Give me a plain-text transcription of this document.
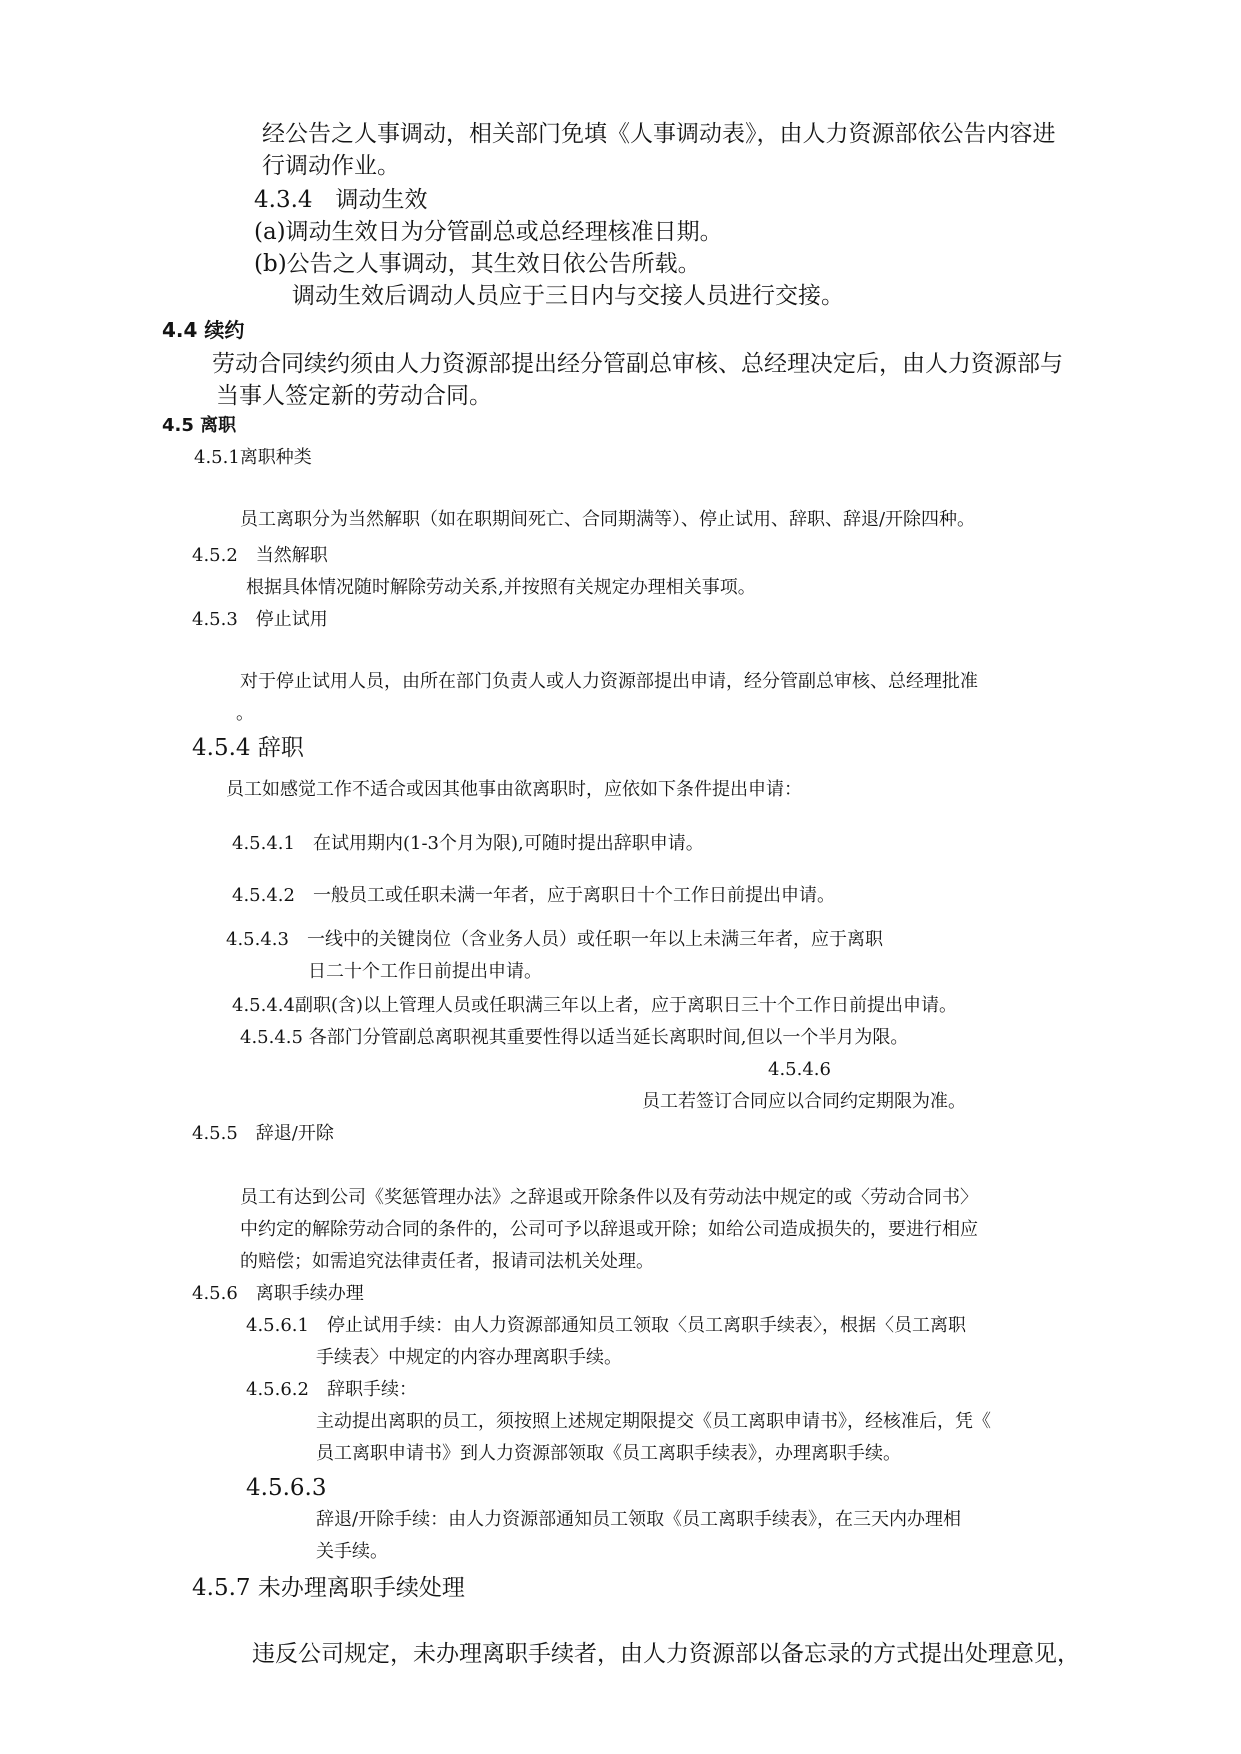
经公告之人事调动，相关部门免填《人事调动表》，由人力资源部依公告内容进

行调动作业。

4.3.4　调动生效

(a)调动生效日为分管副总或总经理核准日期。

(b)公告之人事调动，其生效日依公告所载。

调动生效后调动人员应于三日内与交接人员进行交接。

4.4 续约

劳动合同续约须由人力资源部提出经分管副总审核、总经理决定后，由人力资源部与

当事人签定新的劳动合同。

4.5 离职

4.5.1离职种类

员工离职分为当然解职（如在职期间死亡、合同期满等）、停止试用、辞职、辞退/开除四种。

4.5.2　当然解职

根据具体情况随时解除劳动关系,并按照有关规定办理相关事项。

4.5.3　停止试用

对于停止试用人员，由所在部门负责人或人力资源部提出申请，经分管副总审核、总经理批准

。

4.5.4 辞职

员工如感觉工作不适合或因其他事由欲离职时，应依如下条件提出申请：

4.5.4.1　在试用期内(1-3个月为限),可随时提出辞职申请。

4.5.4.2　一般员工或任职未满一年者，应于离职日十个工作日前提出申请。

4.5.4.3　一线中的关键岗位（含业务人员）或任职一年以上未满三年者，应于离职

日二十个工作日前提出申请。

4.5.4.4副职(含)以上管理人员或任职满三年以上者，应于离职日三十个工作日前提出申请。

4.5.4.5 各部门分管副总离职视其重要性得以适当延长离职时间,但以一个半月为限。

4.5.4.6

员工若签订合同应以合同约定期限为准。

4.5.5　辞退/开除

员工有达到公司《奖惩管理办法》之辞退或开除条件以及有劳动法中规定的或〈劳动合同书〉

中约定的解除劳动合同的条件的，公司可予以辞退或开除；如给公司造成损失的，要进行相应

的赔偿；如需追究法律责任者，报请司法机关处理。

4.5.6　离职手续办理

4.5.6.1　停止试用手续：由人力资源部通知员工领取〈员工离职手续表〉，根据〈员工离职

手续表〉中规定的内容办理离职手续。

4.5.6.2　辞职手续：

主动提出离职的员工，须按照上述规定期限提交《员工离职申请书》，经核准后，凭《

员工离职申请书》到人力资源部领取《员工离职手续表》，办理离职手续。

4.5.6.3

辞退/开除手续：由人力资源部通知员工领取《员工离职手续表》，在三天内办理相

关手续。

4.5.7 未办理离职手续处理

违反公司规定，未办理离职手续者，由人力资源部以备忘录的方式提出处理意见，
